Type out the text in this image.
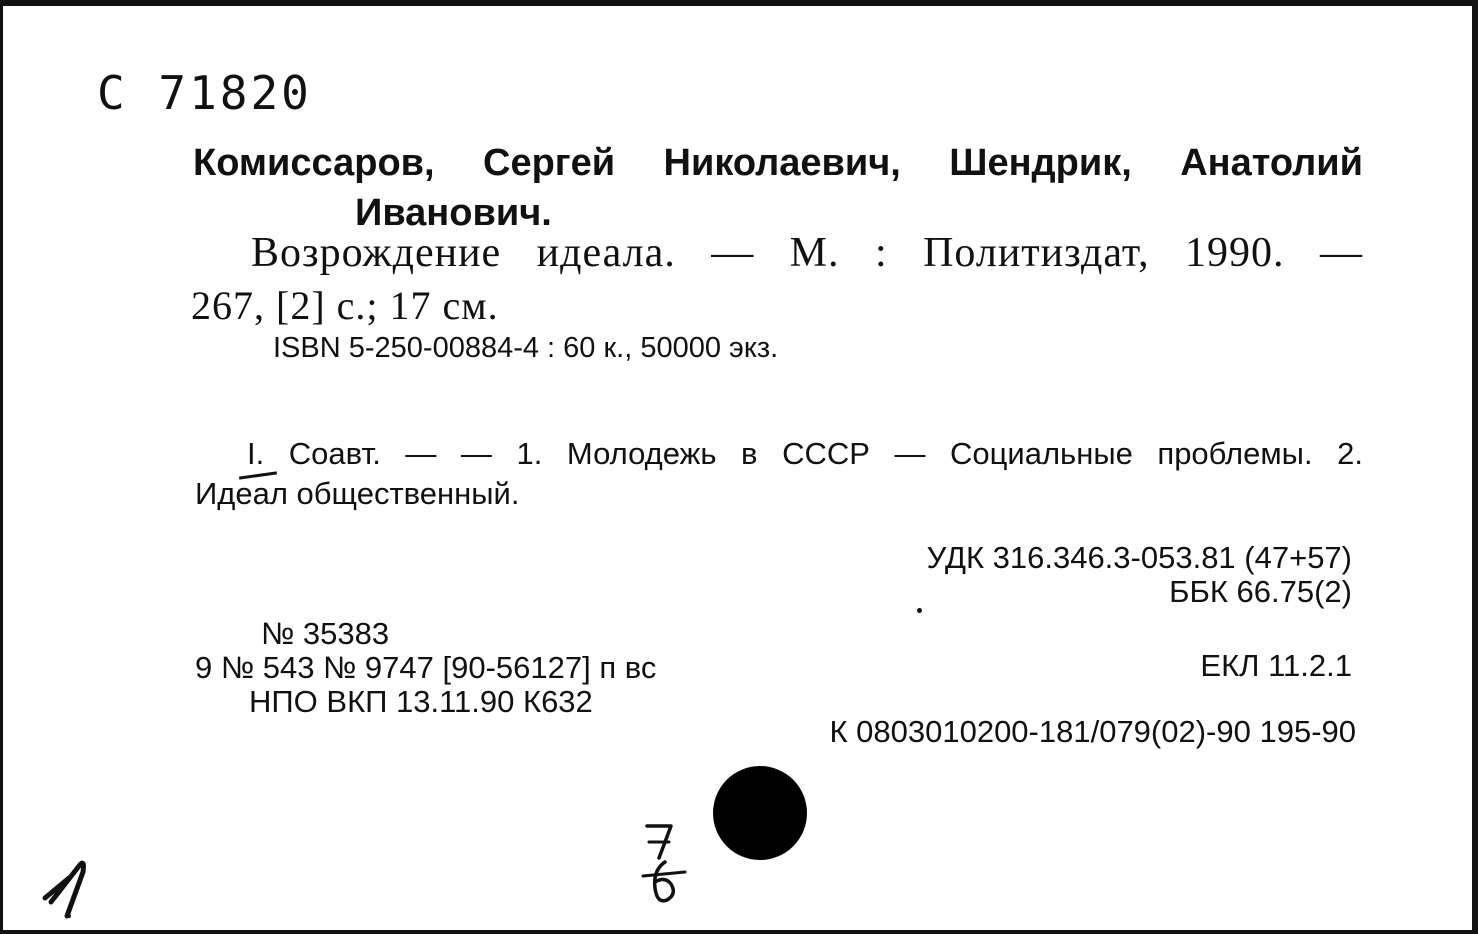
С 71820
Комиссаров, Сергей Николаевич, Шендрик, Анатолий
Иванович.
Возрождение идеала. — М. : Политиздат, 1990. —
267, [2] с.; 17 см.
ISBN 5-250-00884-4 : 60 к., 50000 экз.
I. Соавт. — — 1. Молодежь в СССР — Социальные проблемы. 2.
Идеал общественный.
УДК 316.346.3-053.81 (47+57)
ББК 66.75(2)
№ 35383
9 № 543 № 9747 [90-56127] п вс	ЕКЛ 11.2.1
НПО ВКП 13.11.90 К632
К 0803010200-181/079(02)-90 195-90
